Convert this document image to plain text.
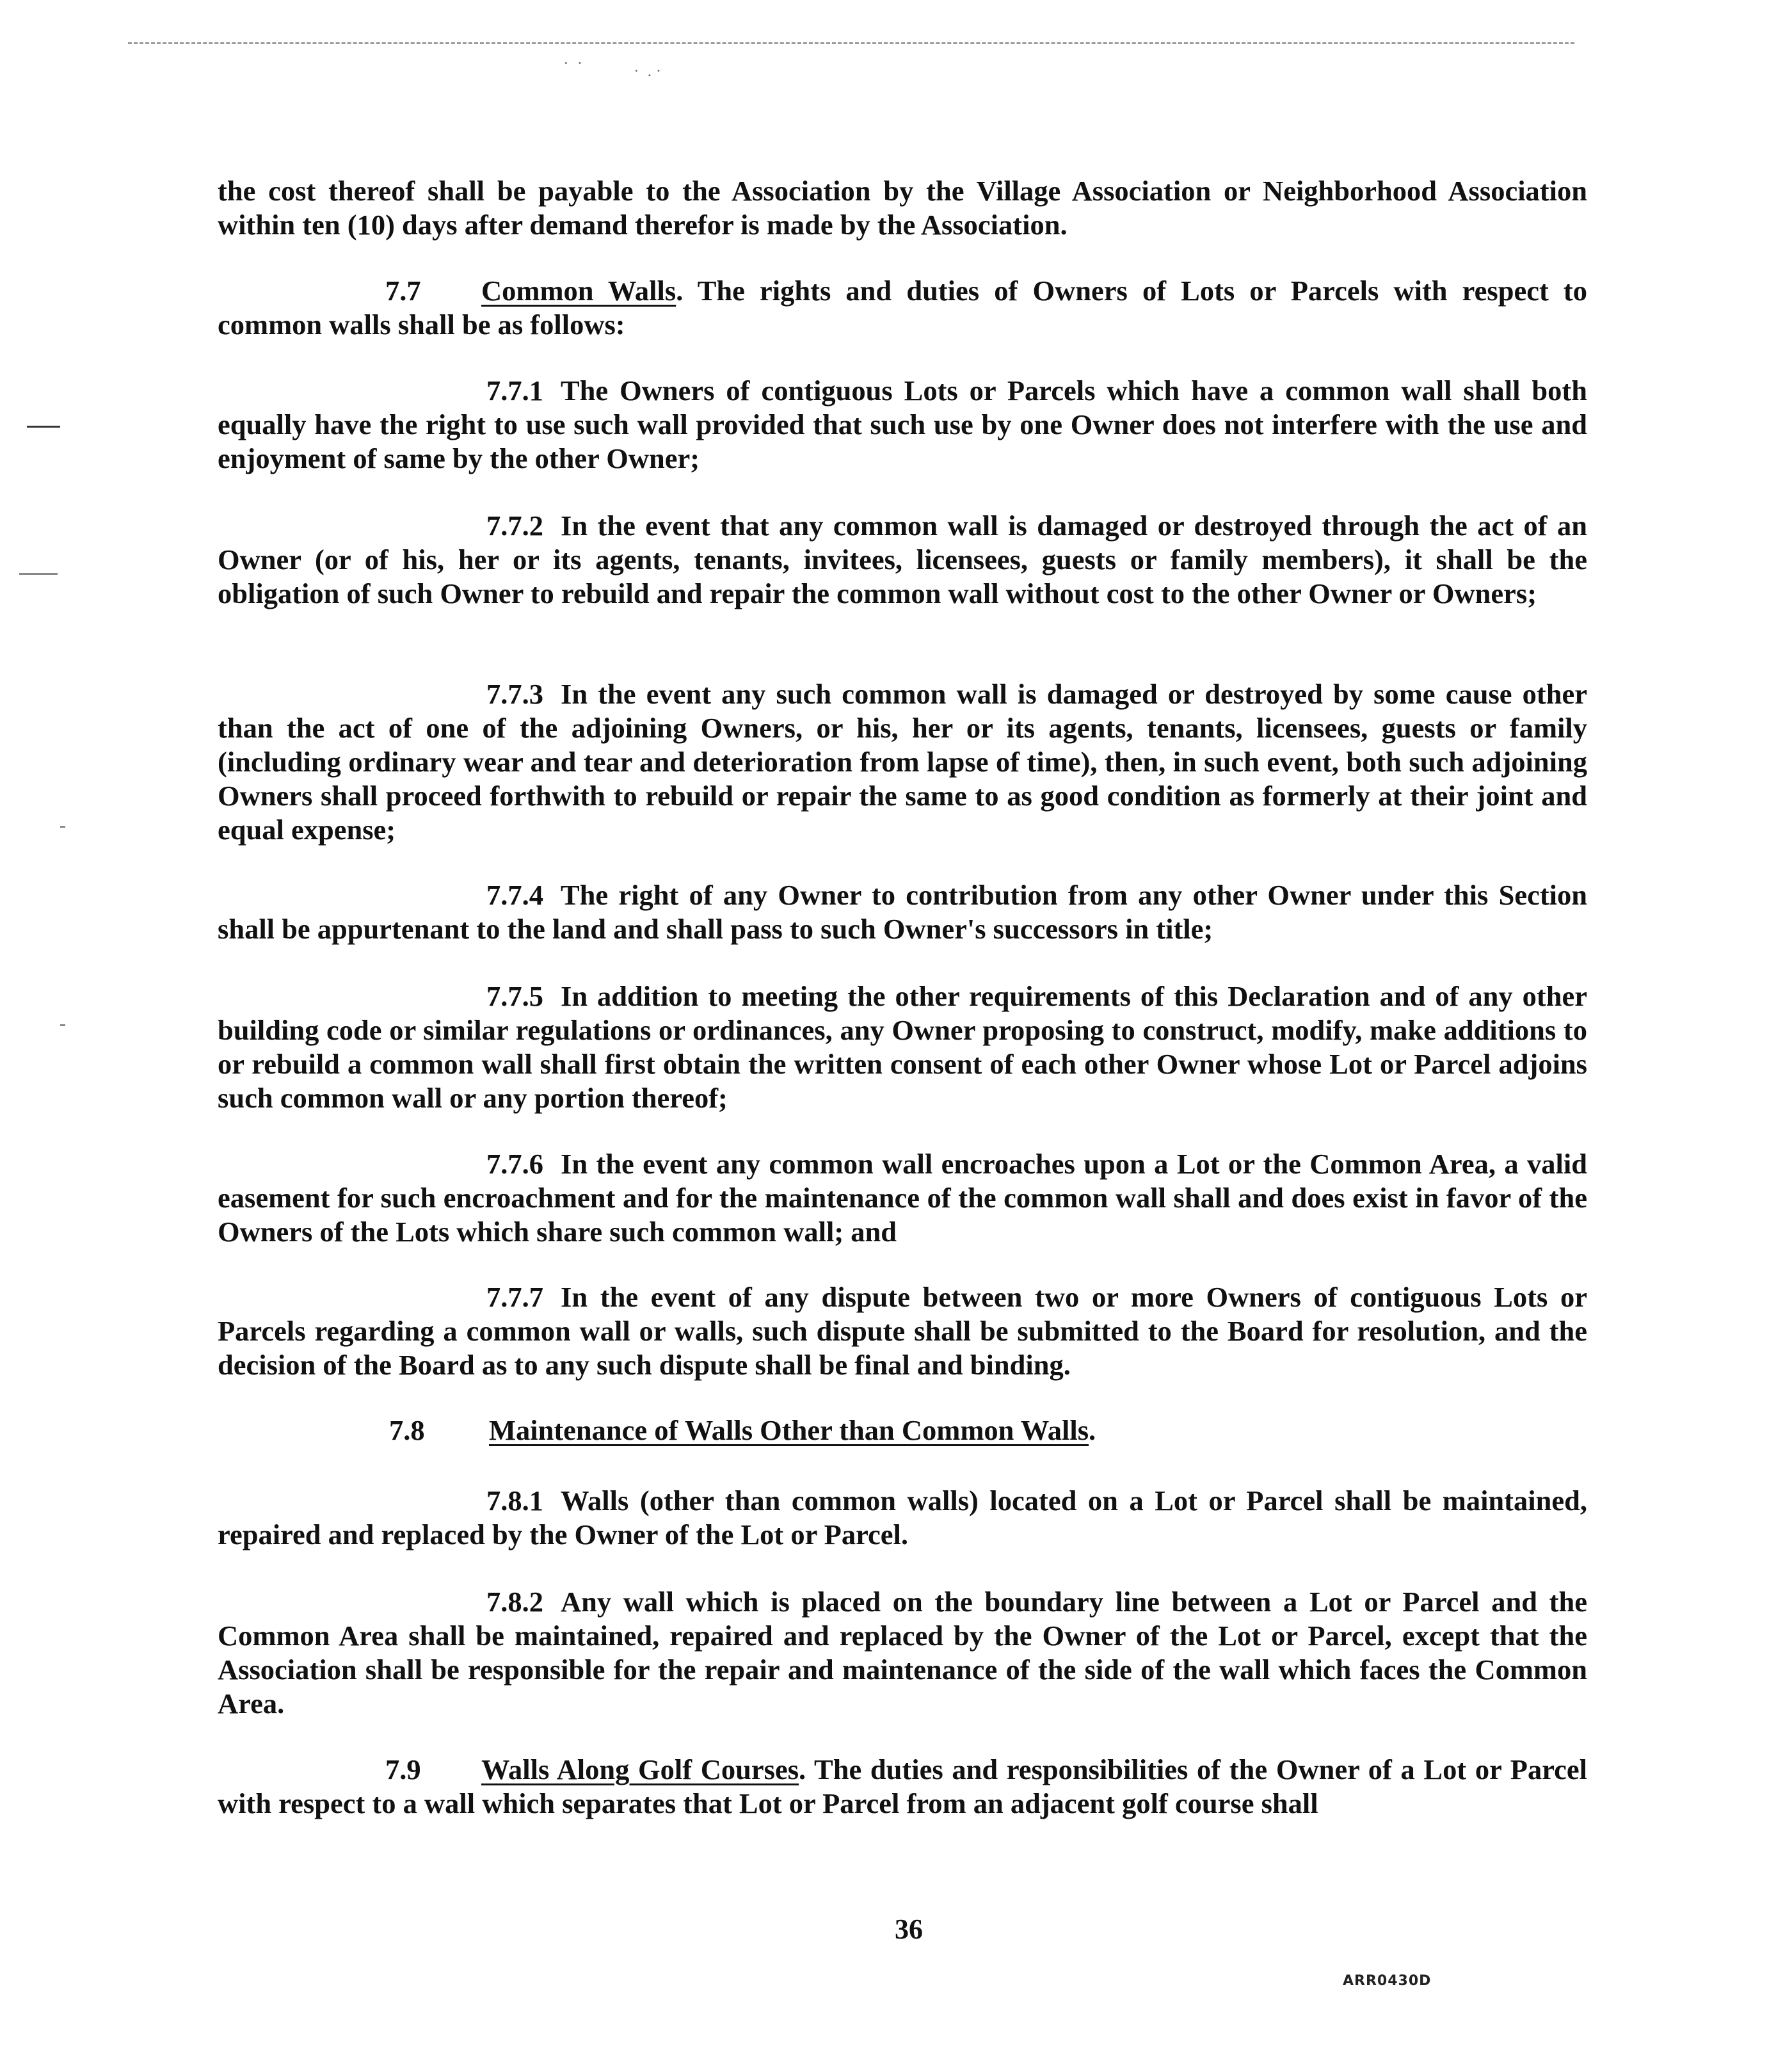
·  ·	·  . ·

the cost thereof shall be payable to the Association by the Village Association or Neighborhood Association within ten (10) days after demand therefor is made by the Association.

7.7 Common Walls. The rights and duties of Owners of Lots or Parcels with respect to common walls shall be as follows:

7.7.1 The Owners of contiguous Lots or Parcels which have a common wall shall both equally have the right to use such wall provided that such use by one Owner does not interfere with the use and enjoyment of same by the other Owner;

7.7.2 In the event that any common wall is damaged or destroyed through the act of an Owner (or of his, her or its agents, tenants, invitees, licensees, guests or family members), it shall be the obligation of such Owner to rebuild and repair the common wall without cost to the other Owner or Owners;

7.7.3 In the event any such common wall is damaged or destroyed by some cause other than the act of one of the adjoining Owners, or his, her or its agents, tenants, licensees, guests or family (including ordinary wear and tear and deterioration from lapse of time), then, in such event, both such adjoining Owners shall proceed forthwith to rebuild or repair the same to as good condition as formerly at their joint and equal expense;

7.7.4 The right of any Owner to contribution from any other Owner under this Section shall be appurtenant to the land and shall pass to such Owner's successors in title;

7.7.5 In addition to meeting the other requirements of this Declaration and of any other building code or similar regulations or ordinances, any Owner proposing to construct, modify, make additions to or rebuild a common wall shall first obtain the written consent of each other Owner whose Lot or Parcel adjoins such common wall or any portion thereof;

7.7.6 In the event any common wall encroaches upon a Lot or the Common Area, a valid easement for such encroachment and for the maintenance of the common wall shall and does exist in favor of the Owners of the Lots which share such common wall; and

7.7.7 In the event of any dispute between two or more Owners of contiguous Lots or Parcels regarding a common wall or walls, such dispute shall be submitted to the Board for resolution, and the decision of the Board as to any such dispute shall be final and binding.

7.8 Maintenance of Walls Other than Common Walls.

7.8.1 Walls (other than common walls) located on a Lot or Parcel shall be maintained, repaired and replaced by the Owner of the Lot or Parcel.

7.8.2 Any wall which is placed on the boundary line between a Lot or Parcel and the Common Area shall be maintained, repaired and replaced by the Owner of the Lot or Parcel, except that the Association shall be responsible for the repair and maintenance of the side of the wall which faces the Common Area.

7.9 Walls Along Golf Courses. The duties and responsibilities of the Owner of a Lot or Parcel with respect to a wall which separates that Lot or Parcel from an adjacent golf course shall

36
ARR0430D
